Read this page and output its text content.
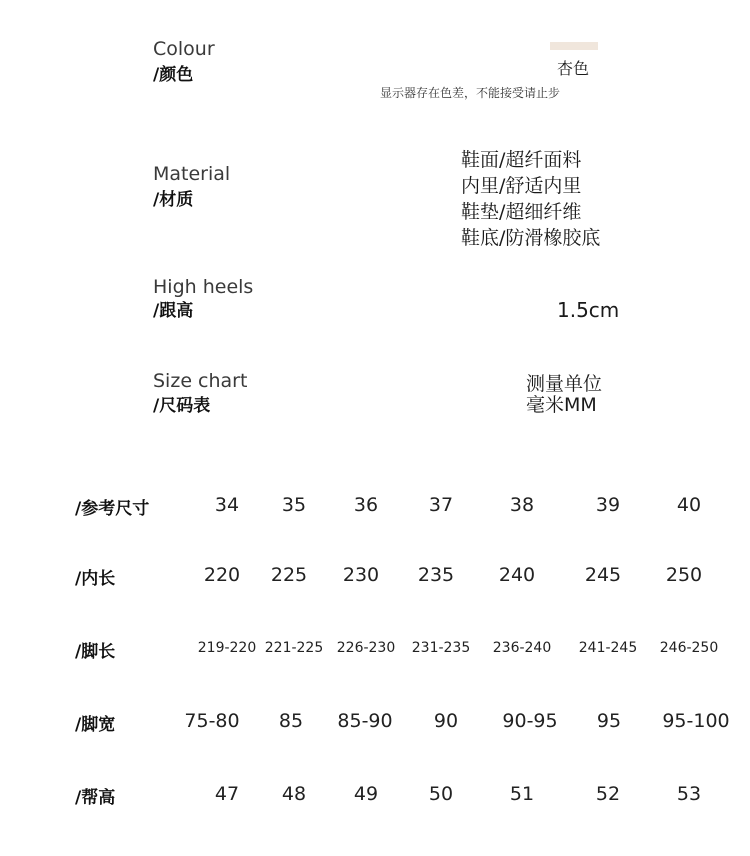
Colour
/颜色	杏色
显示器存在色差，不能接受请止步
Material
/材质
鞋面/超纤面料
内里/舒适内里
鞋垫/超细纤维
鞋底/防滑橡胶底
High heels
/跟高	1.5cm
Size chart
/尺码表
测量单位
毫米MM
/参考尺寸	34	35	36	37	38	39	40
/内长	220	225	230	235	240	245	250
/脚长	219-220 221-225 226-230	231-235	236-240	241-245	246-250
/脚宽	75-80	85	85-90	90	90-95	95	95-100
/帮高	47	48	49	50	51	52	53
